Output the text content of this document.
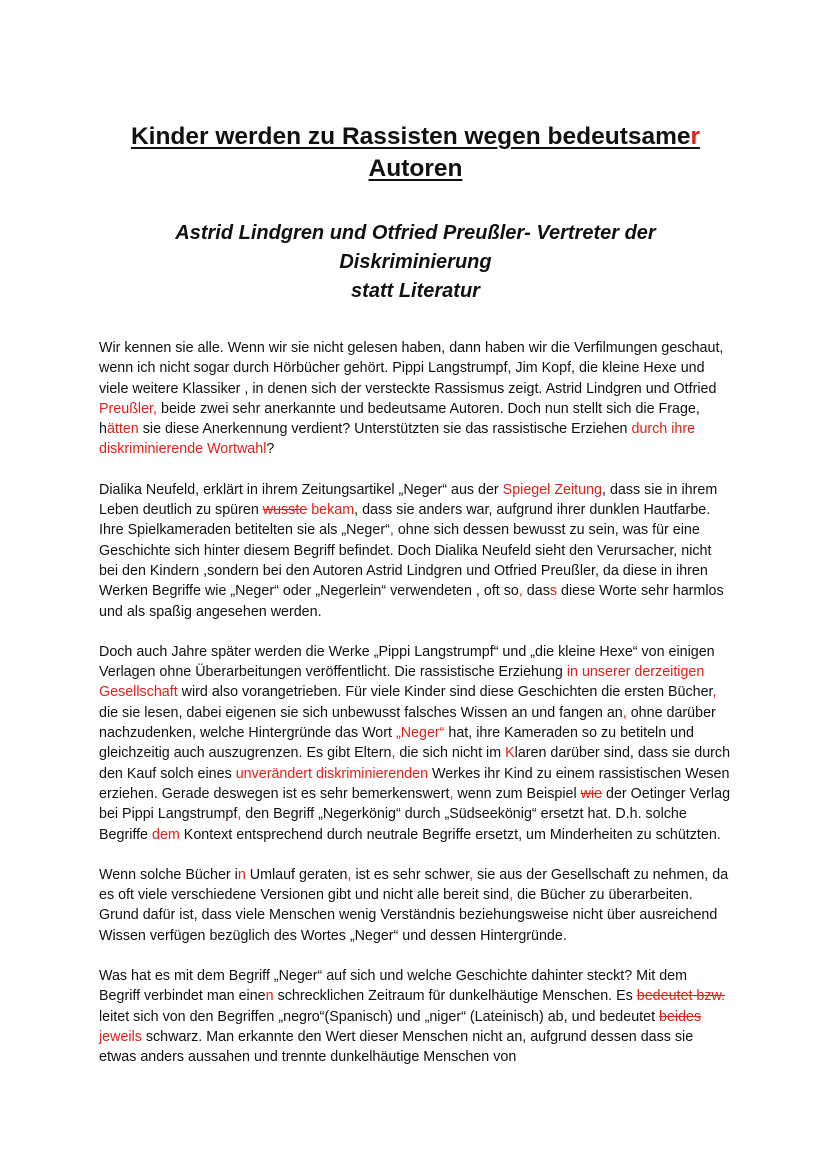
Kinder werden zu Rassisten wegen bedeutsamer
Autoren
Astrid Lindgren und Otfried Preußler- Vertreter der Diskriminierung
statt Literatur

Wir kennen sie alle. Wenn wir sie nicht gelesen haben, dann haben wir die Verfilmungen geschaut, wenn ich nicht sogar durch Hörbücher gehört. Pippi Langstrumpf, Jim Kopf, die kleine Hexe und viele weitere Klassiker , in denen sich der versteckte Rassismus zeigt. Astrid Lindgren und Otfried Preußler, beide zwei sehr anerkannte und bedeutsame Autoren. Doch nun stellt sich die Frage, hätten sie diese Anerkennung verdient? Unterstützten sie das rassistische Erziehen durch ihre diskriminierende Wortwahl?

Dialika Neufeld, erklärt in ihrem Zeitungsartikel „Neger“ aus der Spiegel Zeitung, dass sie in ihrem Leben deutlich zu spüren wusste bekam, dass sie anders war, aufgrund ihrer dunklen Hautfarbe. Ihre Spielkameraden betitelten sie als „Neger“, ohne sich dessen bewusst zu sein, was für eine Geschichte sich hinter diesem Begriff befindet. Doch Dialika Neufeld sieht den Verursacher, nicht bei den Kindern ,sondern bei den Autoren Astrid Lindgren und Otfried Preußler, da diese in ihren Werken Begriffe wie „Neger“ oder „Negerlein“ verwendeten , oft so, dass diese Worte sehr harmlos und als spaßig angesehen werden.

Doch auch Jahre später werden die Werke „Pippi Langstrumpf“ und „die kleine Hexe“ von einigen Verlagen ohne Überarbeitungen veröffentlicht. Die rassistische Erziehung in unserer derzeitigen Gesellschaft wird also vorangetrieben. Für viele Kinder sind diese Geschichten die ersten Bücher, die sie lesen, dabei eigenen sie sich unbewusst falsches Wissen an und fangen an, ohne darüber nachzudenken, welche Hintergründe das Wort „Neger“ hat, ihre Kameraden so zu betiteln und gleichzeitig auch auszugrenzen. Es gibt Eltern, die sich nicht im Klaren darüber sind, dass sie durch den Kauf solch eines unverändert diskriminierenden Werkes ihr Kind zu einem rassistischen Wesen erziehen. Gerade deswegen ist es sehr bemerkenswert, wenn zum Beispiel wie der Oetinger Verlag bei Pippi Langstrumpf, den Begriff „Negerkönig“ durch „Südseekönig“ ersetzt hat. D.h. solche Begriffe dem Kontext entsprechend durch neutrale Begriffe ersetzt, um Minderheiten zu schützten.

Wenn solche Bücher in Umlauf geraten, ist es sehr schwer, sie aus der Gesellschaft zu nehmen, da es oft viele verschiedene Versionen gibt und nicht alle bereit sind, die Bücher zu überarbeiten. Grund dafür ist, dass viele Menschen wenig Verständnis beziehungsweise nicht über ausreichend Wissen verfügen bezüglich des Wortes „Neger“ und dessen Hintergründe.

Was hat es mit dem Begriff „Neger“ auf sich und welche Geschichte dahinter steckt? Mit dem Begriff verbindet man einen schrecklichen Zeitraum für dunkelhäutige Menschen. Es bedeutet bzw. leitet sich von den Begriffen „negro“(Spanisch) und „niger“ (Lateinisch) ab, und bedeutet beides jeweils schwarz. Man erkannte den Wert dieser Menschen nicht an, aufgrund dessen dass sie etwas anders aussahen und trennte dunkelhäutige Menschen von
